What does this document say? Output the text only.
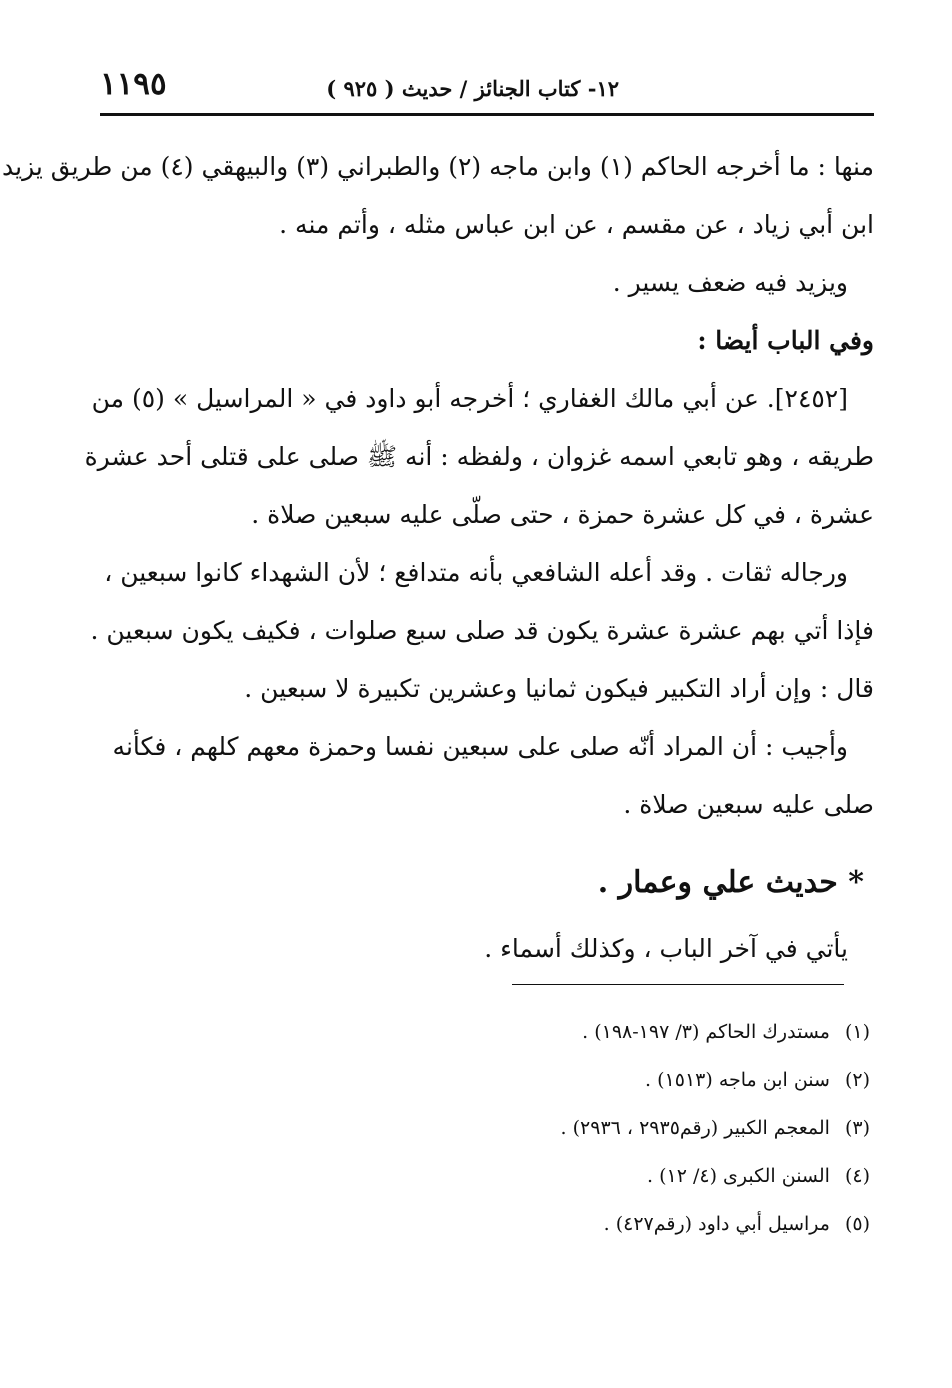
١٢- كتاب الجنائز / حديث ( ٩٢٥ )
١١٩٥
منها : ما أخرجه الحاكم (١) وابن ماجه (٢) والطبراني (٣) والبيهقي (٤) من طريق يزيد
ابن أبي زياد ، عن مقسم ، عن ابن عباس مثله ، وأتم منه .
ويزيد فيه ضعف يسير .
وفي الباب أيضا :
[٢٤٥٢]. عن أبي مالك الغفاري ؛ أخرجه أبو داود في « المراسيل » (٥) من
طريقه ، وهو تابعي اسمه غزوان ، ولفظه : أنه ﷺ صلى على قتلى أحد عشرة
عشرة ، في كل عشرة حمزة ، حتى صلّى عليه سبعين صلاة .
ورجاله ثقات . وقد أعله الشافعي بأنه متدافع ؛ لأن الشهداء كانوا سبعين ،
فإذا أتي بهم عشرة عشرة يكون قد صلى سبع صلوات ، فكيف يكون سبعين .
قال : وإن أراد التكبير فيكون ثمانيا وعشرين تكبيرة لا سبعين .
وأجيب : أن المراد أنّه صلى على سبعين نفسا وحمزة معهم كلهم ، فكأنه
صلى عليه سبعين صلاة .
* حديث علي وعمار .
يأتي في آخر الباب ، وكذلك أسماء .
(١) مستدرك الحاكم (٣/ ١٩٧-١٩٨) .
(٢) سنن ابن ماجه (١٥١٣) .
(٣) المعجم الكبير (رقم٢٩٣٥ ، ٢٩٣٦) .
(٤) السنن الكبرى (٤/ ١٢) .
(٥) مراسيل أبي داود (رقم٤٢٧) .
